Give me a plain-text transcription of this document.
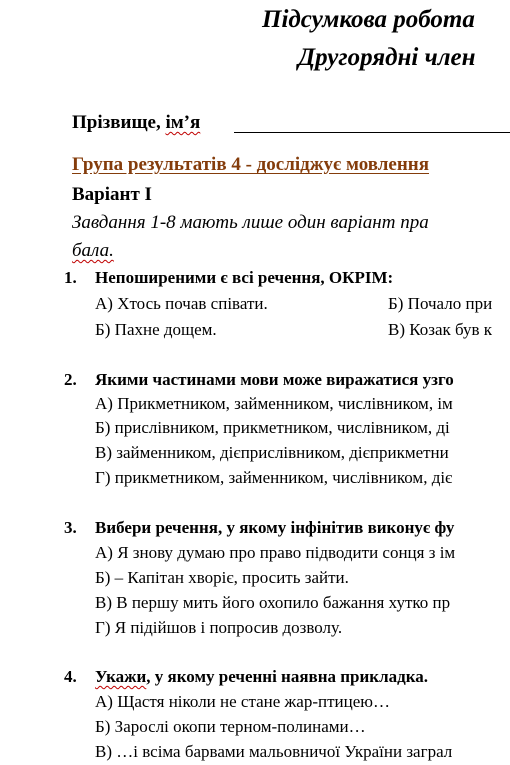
Підсумкова робота
Другорядні член
Прізвище, ім’я
Група результатів 4 - досліджує мовлення
Варіант І
Завдання 1-8 мають лише один варіант пра
бала.
1. Непоширеними є всі речення, ОКРІМ:
А) Хтось почав співати.	Б) Почало при
Б) Пахне дощем.	В) Козак був к
2. Якими частинами мови може виражатися узго
А) Прикметником, займенником, числівником, ім
Б) прислівником, прикметником, числівником, ді
В) займенником, дієприслівником, дієприкметни
Г) прикметником, займенником, числівником, діє
3. Вибери речення, у якому інфінітив виконує фу
А) Я знову думаю про право підводити сонця з ім
Б) – Капітан хворіє, просить зайти.
В) В першу мить його охопило бажання хутко пр
Г) Я підійшов і попросив дозволу.
4. Укажи, у якому реченні наявна прикладка.
А) Щастя ніколи не стане жар-птицею…
Б) Зарослі окопи терном-полинами…
В) …і всіма барвами мальовничої України заграл
